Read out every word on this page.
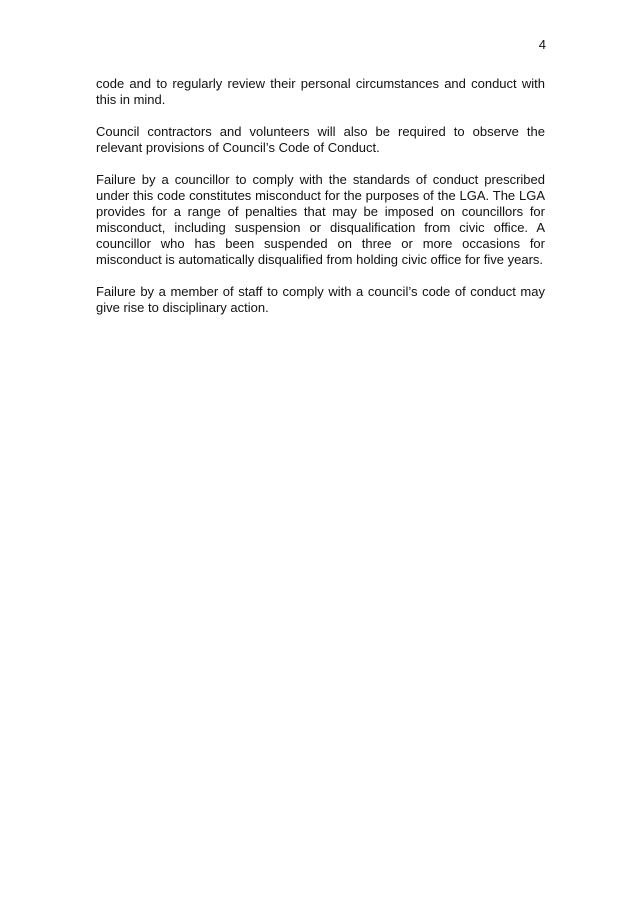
4

code and to regularly review their personal circumstances and conduct with this in mind.

Council contractors and volunteers will also be required to observe the relevant provisions of Council’s Code of Conduct.

Failure by a councillor to comply with the standards of conduct prescribed under this code constitutes misconduct for the purposes of the LGA. The LGA provides for a range of penalties that may be imposed on councillors for misconduct, including suspension or disqualification from civic office. A councillor who has been suspended on three or more occasions for misconduct is automatically disqualified from holding civic office for five years.

Failure by a member of staff to comply with a council’s code of conduct may give rise to disciplinary action.
